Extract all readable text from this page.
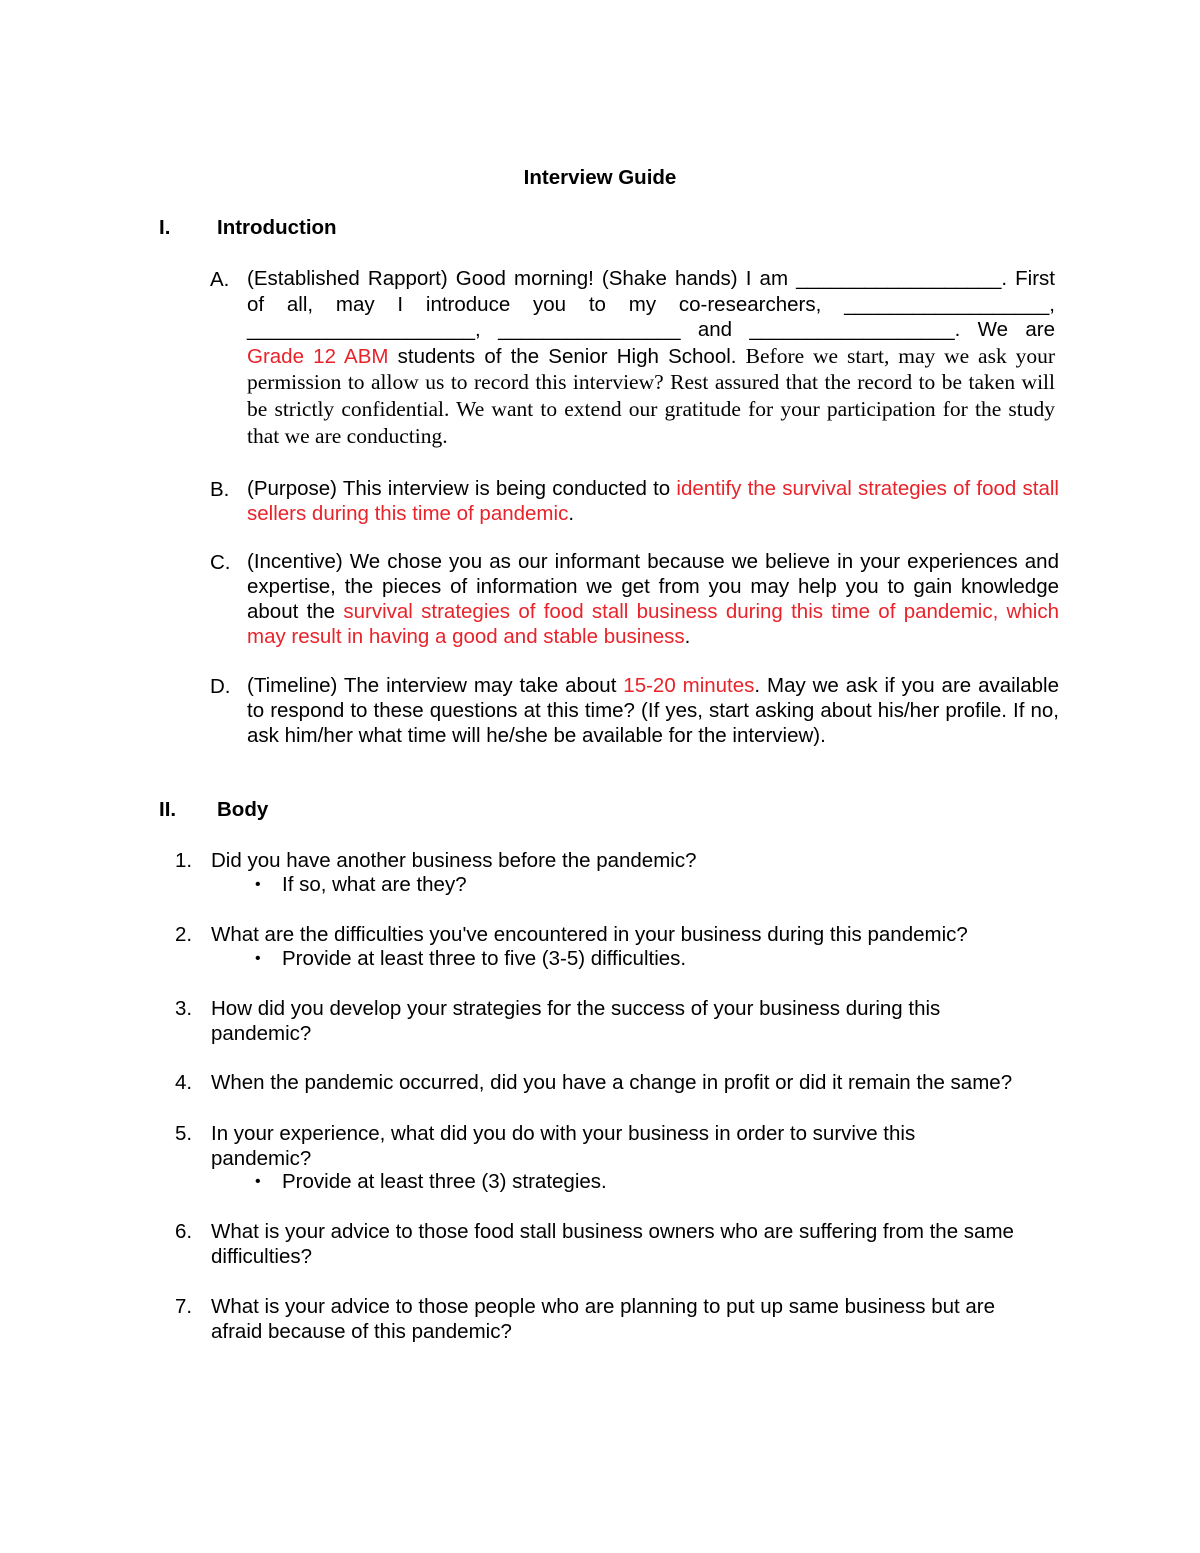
Interview Guide
I. Introduction
A. (Established Rapport) Good morning! (Shake hands) I am __________________. First of all, may I introduce you to my co-researchers, __________________, ____________________, ________________ and __________________. We are Grade 12 ABM students of the Senior High School. Before we start, may we ask your permission to allow us to record this interview? Rest assured that the record to be taken will be strictly confidential. We want to extend our gratitude for your participation for the study that we are conducting.
B. (Purpose) This interview is being conducted to identify the survival strategies of food stall sellers during this time of pandemic.
C. (Incentive) We chose you as our informant because we believe in your experiences and expertise, the pieces of information we get from you may help you to gain knowledge about the survival strategies of food stall business during this time of pandemic, which may result in having a good and stable business.
D. (Timeline) The interview may take about 15-20 minutes. May we ask if you are available to respond to these questions at this time? (If yes, start asking about his/her profile. If no, ask him/her what time will he/she be available for the interview).
II. Body
1. Did you have another business before the pandemic?
• If so, what are they?
2. What are the difficulties you've encountered in your business during this pandemic?
• Provide at least three to five (3-5) difficulties.
3. How did you develop your strategies for the success of your business during this pandemic?
4. When the pandemic occurred, did you have a change in profit or did it remain the same?
5. In your experience, what did you do with your business in order to survive this pandemic?
• Provide at least three (3) strategies.
6. What is your advice to those food stall business owners who are suffering from the same difficulties?
7. What is your advice to those people who are planning to put up same business but are afraid because of this pandemic?
